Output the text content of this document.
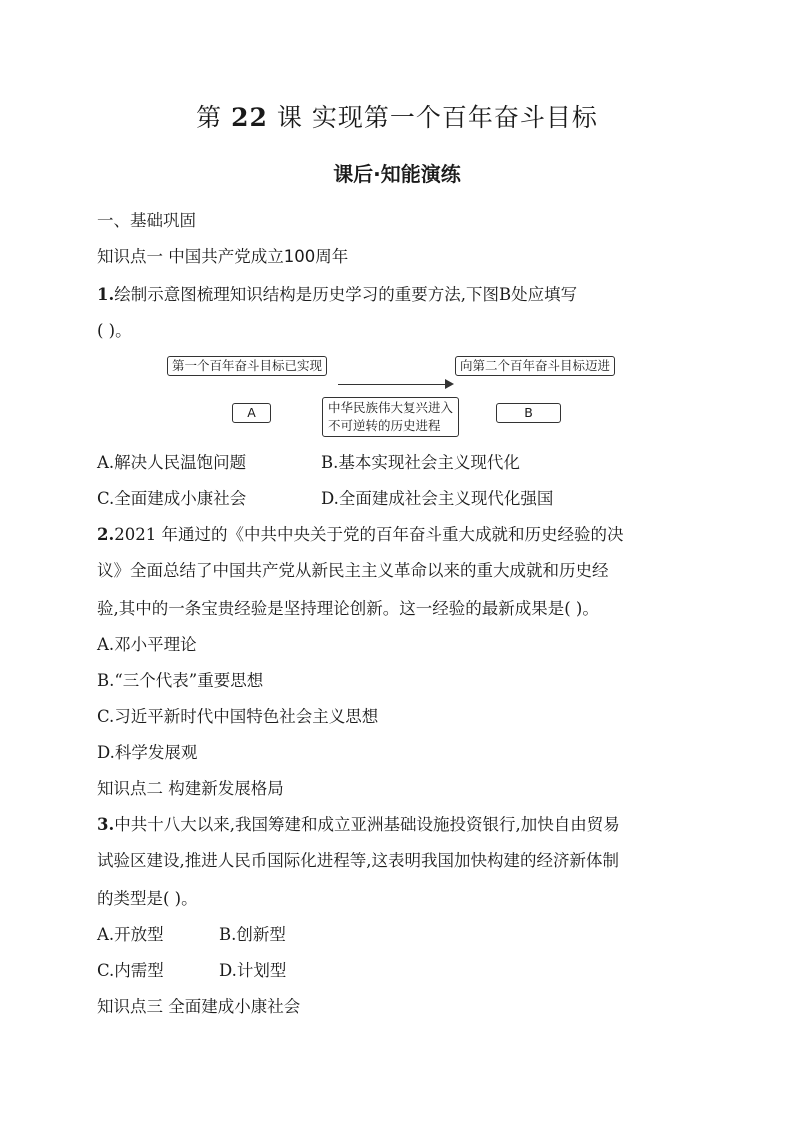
第 22 课 实现第一个百年奋斗目标
课后·知能演练
一、基础巩固
知识点一 中国共产党成立100周年
1.绘制示意图梳理知识结构是历史学习的重要方法,下图B处应填写
( )。
第一个百年奋斗目标已实现	向第二个百年奋斗目标迈进
A	中华民族伟大复兴进入
不可逆转的历史进程
B
A.解决人民温饱问题	B.基本实现社会主义现代化
C.全面建成小康社会	D.全面建成社会主义现代化强国
2.2021 年通过的《中共中央关于党的百年奋斗重大成就和历史经验的决
议》全面总结了中国共产党从新民主主义革命以来的重大成就和历史经
验,其中的一条宝贵经验是坚持理论创新。这一经验的最新成果是( )。
A.邓小平理论
B.“三个代表”重要思想
C.习近平新时代中国特色社会主义思想
D.科学发展观
知识点二 构建新发展格局
3.中共十八大以来,我国筹建和成立亚洲基础设施投资银行,加快自由贸易
试验区建设,推进人民币国际化进程等,这表明我国加快构建的经济新体制
的类型是( )。
A.开放型	B.创新型
C.内需型	D.计划型
知识点三 全面建成小康社会
